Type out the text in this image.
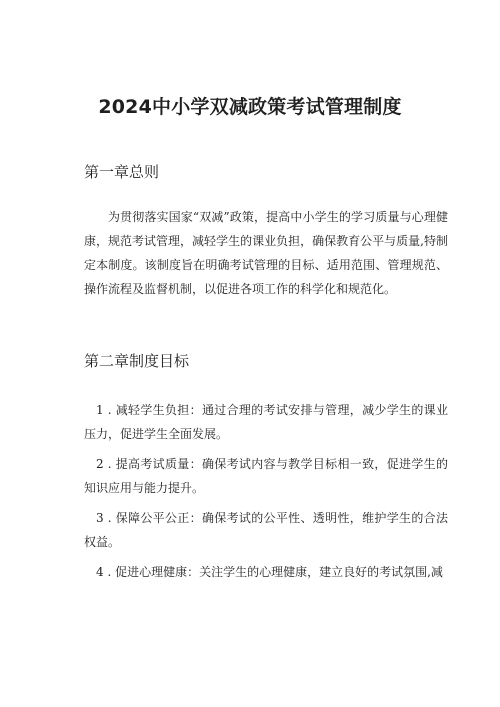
2024中小学双减政策考试管理制度
第一章总则

为贯彻落实国家“双减”政策，提高中小学生的学习质量与心理健康，规范考试管理，减轻学生的课业负担，确保教育公平与质量,特制定本制度。该制度旨在明确考试管理的目标、适用范围、管理规范、操作流程及监督机制，以促进各项工作的科学化和规范化。

第二章制度目标

1 . 减轻学生负担：通过合理的考试安排与管理，减少学生的课业压力，促进学生全面发展。

2 . 提高考试质量：确保考试内容与教学目标相一致，促进学生的知识应用与能力提升。

3 . 保障公平公正：确保考试的公平性、透明性，维护学生的合法权益。

4 . 促进心理健康：关注学生的心理健康，建立良好的考试氛围,减
